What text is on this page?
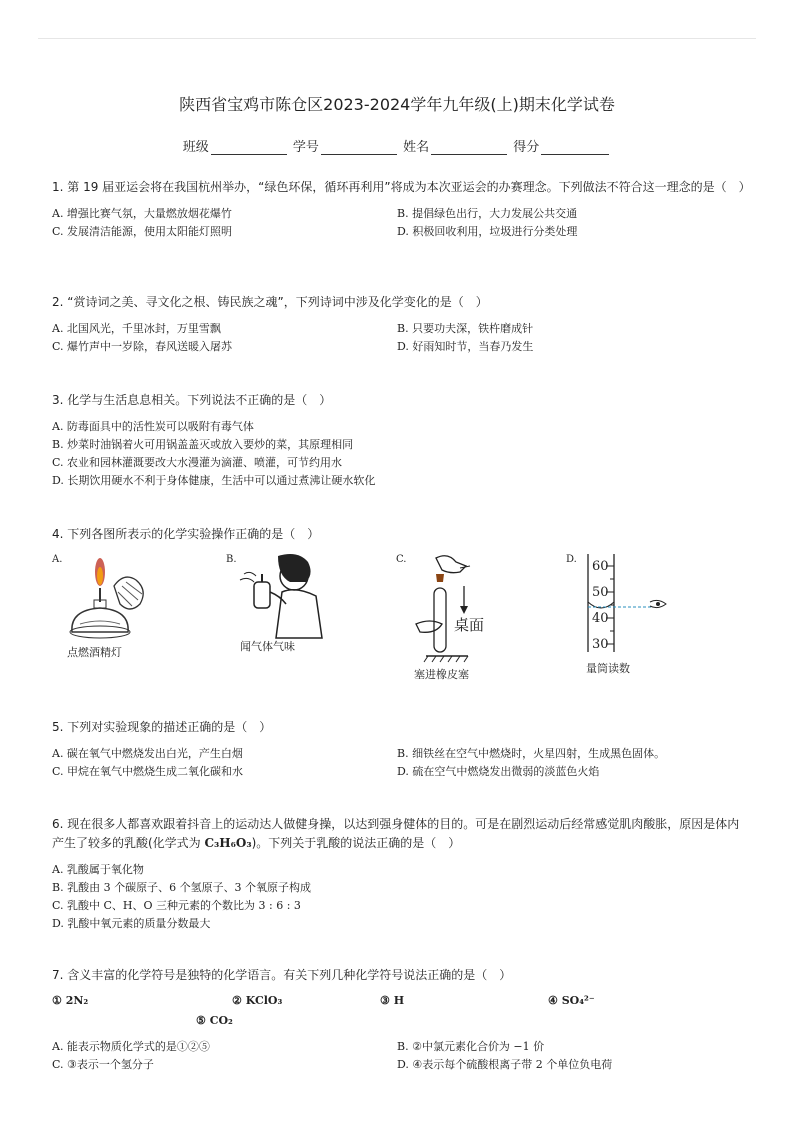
陕西省宝鸡市陈仓区2023-2024学年九年级(上)期末化学试卷
班级	学号	姓名	得分
1. 第 19 届亚运会将在我国杭州举办，“绿色环保，循环再利用”将成为本次亚运会的办赛理念。下列做法不符合这一理念的是（　）
A. 增强比赛气氛，大量燃放烟花爆竹	B. 提倡绿色出行，大力发展公共交通
C. 发展清洁能源，使用太阳能灯照明	D. 积极回收利用，垃圾进行分类处理
2. “赏诗词之美、寻文化之根、铸民族之魂”，下列诗词中涉及化学变化的是（　）
A. 北国风光，千里冰封，万里雪飘	B. 只要功夫深，铁杵磨成针
C. 爆竹声中一岁除，春风送暖入屠苏	D. 好雨知时节，当春乃发生
3. 化学与生活息息相关。下列说法不正确的是（　）
A. 防毒面具中的活性炭可以吸附有毒气体
B. 炒菜时油锅着火可用锅盖盖灭或放入要炒的菜，其原理相同
C. 农业和园林灌溉要改大水漫灌为滴灌、喷灌，可节约用水
D. 长期饮用硬水不利于身体健康，生活中可以通过煮沸让硬水软化
4. 下列各图所表示的化学实验操作正确的是（　）
A.
点燃酒精灯
B.
闻气体气味
C.
桌面
塞进橡皮塞
D. 60
50
40
30
量筒读数
5. 下列对实验现象的描述正确的是（　）
A. 碳在氧气中燃烧发出白光，产生白烟	B. 细铁丝在空气中燃烧时，火星四射，生成黑色固体。
C. 甲烷在氧气中燃烧生成二氧化碳和水	D. 硫在空气中燃烧发出微弱的淡蓝色火焰
6. 现在很多人都喜欢跟着抖音上的运动达人做健身操，以达到强身健体的目的。可是在剧烈运动后经常感觉肌肉酸胀，原因是体内
产生了较多的乳酸(化学式为 C₃H₆O₃)。下列关于乳酸的说法正确的是（　）
A. 乳酸属于氧化物
B. 乳酸由 3 个碳原子、6 个氢原子、3 个氧原子构成
C. 乳酸中 C、H、O 三种元素的个数比为 3 : 6 : 3
D. 乳酸中氧元素的质量分数最大
7. 含义丰富的化学符号是独特的化学语言。有关下列几种化学符号说法正确的是（　）
① 2N₂	② KClO₃	③ H	④ SO₄²⁻
⑤ CO₂
A. 能表示物质化学式的是①②⑤	B. ②中氯元素化合价为 −1 价
C. ③表示一个氢分子	D. ④表示每个硫酸根离子带 2 个单位负电荷
